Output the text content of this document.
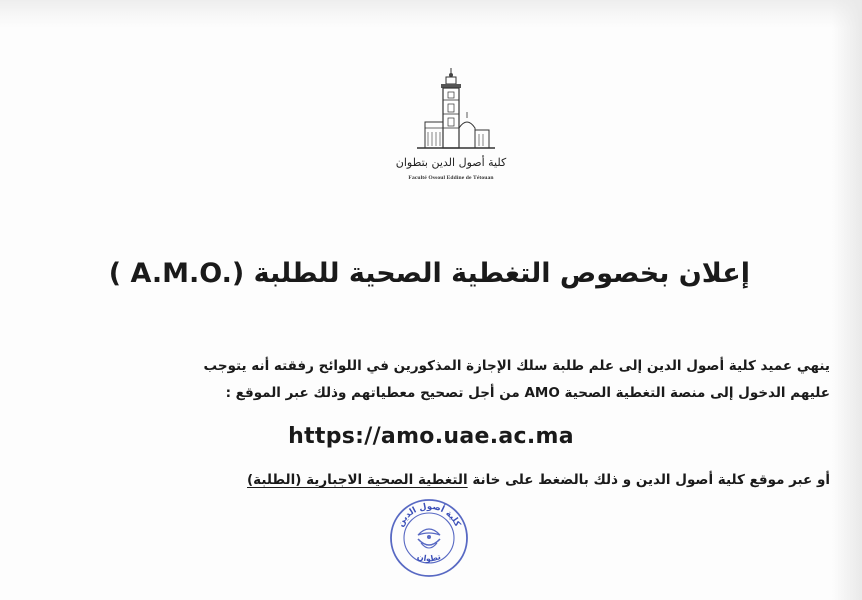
كلية أصول الدين بتطوان
Faculté Ossoul Eddine de Tétouan
إعلان بخصوص التغطية الصحية للطلبة ( A.M.O.)

ينهي عميد كلية أصول الدين إلى علم طلبة سلك الإجازة المذكورين في اللوائح رفقته أنه يتوجب
عليهم الدخول إلى منصة التغطية الصحية AMO من أجل تصحيح معطياتهم وذلك عبر الموقع :

https://amo.uae.ac.ma

أو عبر موقع كلية أصول الدين و ذلك بالضغط على خانة التغطية الصحية الاجبارية (الطلبة)

كلية أصول الدين
تطوان
